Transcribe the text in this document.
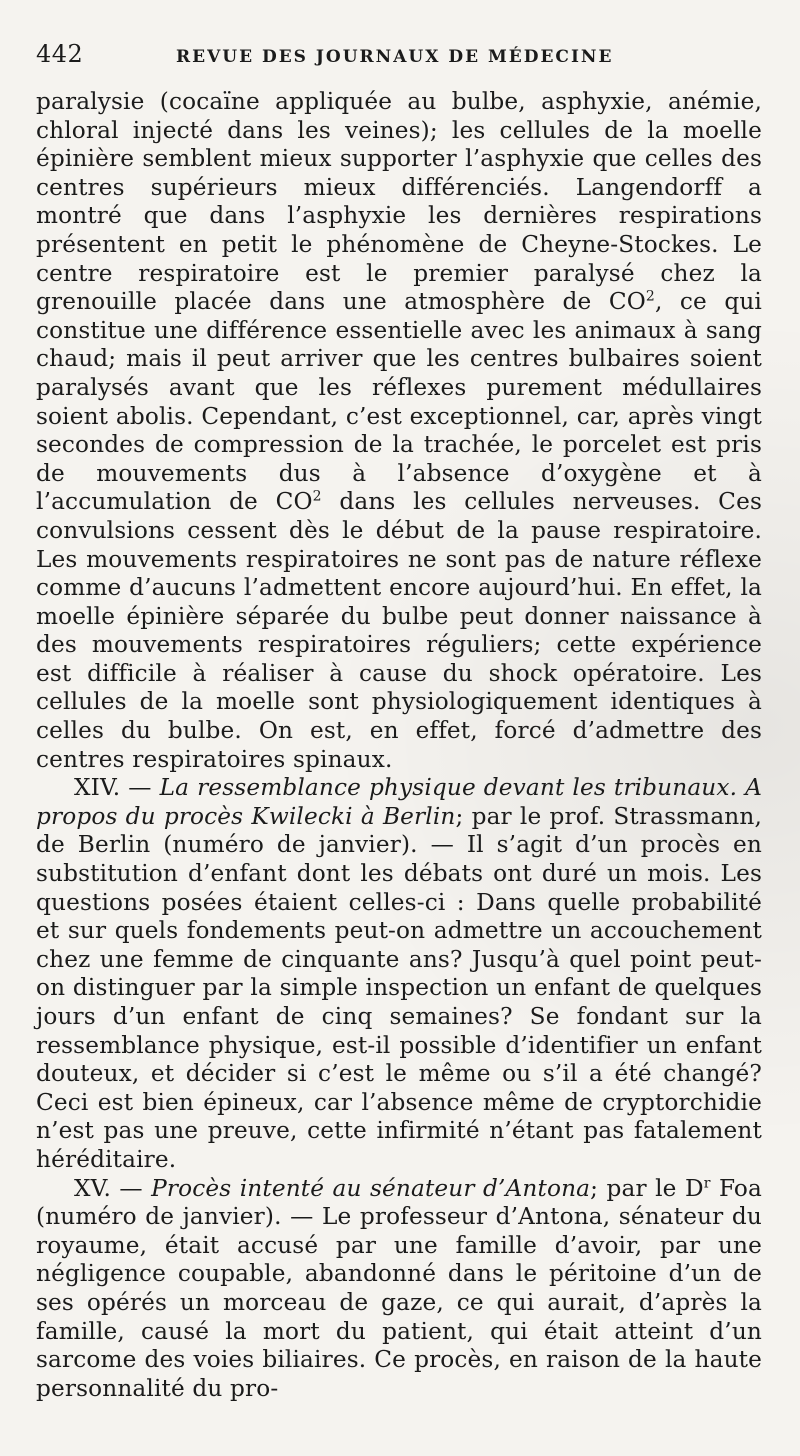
442	REVUE DES JOURNAUX DE MÉDECINE

paralysie (cocaïne appliquée au bulbe, asphyxie, anémie, chloral injecté dans les veines); les cellules de la moelle épinière semblent mieux supporter l’asphyxie que celles des centres supérieurs mieux différenciés. Langendorff a montré que dans l’asphyxie les dernières respirations présentent en petit le phénomène de Cheyne-Stockes. Le centre respiratoire est le premier paralysé chez la grenouille placée dans une atmosphère de $CO^2$, ce qui constitue une différence essentielle avec les animaux à sang chaud; mais il peut arriver que les centres bulbaires soient paralysés avant que les réflexes purement médullaires soient abolis. Cependant, c’est exceptionnel, car, après vingt secondes de compression de la trachée, le porcelet est pris de mouvements dus à l’absence d’oxygène et à l’accumulation de $CO^2$ dans les cellules nerveuses. Ces convulsions cessent dès le début de la pause respiratoire. Les mouvements respiratoires ne sont pas de nature réflexe comme d’aucuns l’admettent encore aujourd’hui. En effet, la moelle épinière séparée du bulbe peut donner naissance à des mouvements respiratoires réguliers; cette expérience est difficile à réaliser à cause du shock opératoire. Les cellules de la moelle sont physiologiquement identiques à celles du bulbe. On est, en effet, forcé d’admettre des centres respiratoires spinaux.

XIV. — La ressemblance physique devant les tribunaux. A propos du procès Kwilecki à Berlin; par le prof. Strassmann, de Berlin (numéro de janvier). — Il s’agit d’un procès en substitution d’enfant dont les débats ont duré un mois. Les questions posées étaient celles-ci : Dans quelle probabilité et sur quels fondements peut-on admettre un accouchement chez une femme de cinquante ans? Jusqu’à quel point peut-on distinguer par la simple inspection un enfant de quelques jours d’un enfant de cinq semaines? Se fondant sur la ressemblance physique, est-il possible d’identifier un enfant douteux, et décider si c’est le même ou s’il a été changé? Ceci est bien épineux, car l’absence même de cryptorchidie n’est pas une preuve, cette infirmité n’étant pas fatalement héréditaire.

XV. — Procès intenté au sénateur d’Antona; par le $D^r$ Foa (numéro de janvier). — Le professeur d’Antona, sénateur du royaume, était accusé par une famille d’avoir, par une négligence coupable, abandonné dans le péritoine d’un de ses opérés un morceau de gaze, ce qui aurait, d’après la famille, causé la mort du patient, qui était atteint d’un sarcome des voies biliaires. Ce procès, en raison de la haute personnalité du pro-
